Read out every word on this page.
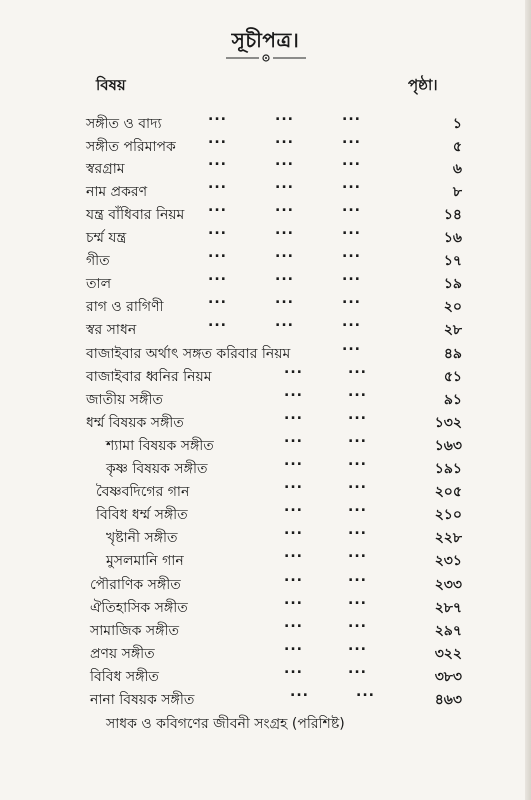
সূচীপত্র।
বিষয়	পৃষ্ঠা।
সঙ্গীত ও বাদ্য	...	...	...	১
সঙ্গীত পরিমাপক ...	...	...	৫
স্বরগ্রাম	...	...	...	৬
নাম প্রকরণ	...	...	...	৮
যন্ত্র বাঁধিবার নিয়ম ...	...	...	১৪
চর্ম্ম যন্ত্র	...	...	...	১৬
গীত	...	...	...	১৭
তাল	...	...	...	১৯
রাগ ও রাগিণী	...	...	...	২০
স্বর সাধন	...	...	...	২৮
বাজাইবার অর্থাৎ সঙ্গত করিবার নিয়ম	...	৪৯
বাজাইবার ধ্বনির নিয়ম	...	...	৫১
জাতীয় সঙ্গীত	...	...	৯১
ধর্ম্ম বিষয়ক সঙ্গীত	...	...	১৩২
শ্যামা বিষয়ক সঙ্গীত	...	...	১৬৩
কৃষ্ণ বিষয়ক সঙ্গীত	...	...	১৯১
বৈষ্ণবদিগের গান	...	...	২০৫
বিবিধ ধর্ম্ম সঙ্গীত	...	...	২১০
খৃষ্টানী সঙ্গীত	...	...	২২৮
মুসলমানি গান	...	...	২৩১
পৌরাণিক সঙ্গীত	...	...	২৩৩
ঐতিহাসিক সঙ্গীত	...	...	২৮৭
সামাজিক সঙ্গীত	...	...	২৯৭
প্রণয় সঙ্গীত	...	...	৩২২
বিবিধ সঙ্গীত	...	...	৩৮৩
নানা বিষয়ক সঙ্গীত	...	...	৪৬৩
সাধক ও কবিগণের জীবনী সংগ্রহ (পরিশিষ্ট)
